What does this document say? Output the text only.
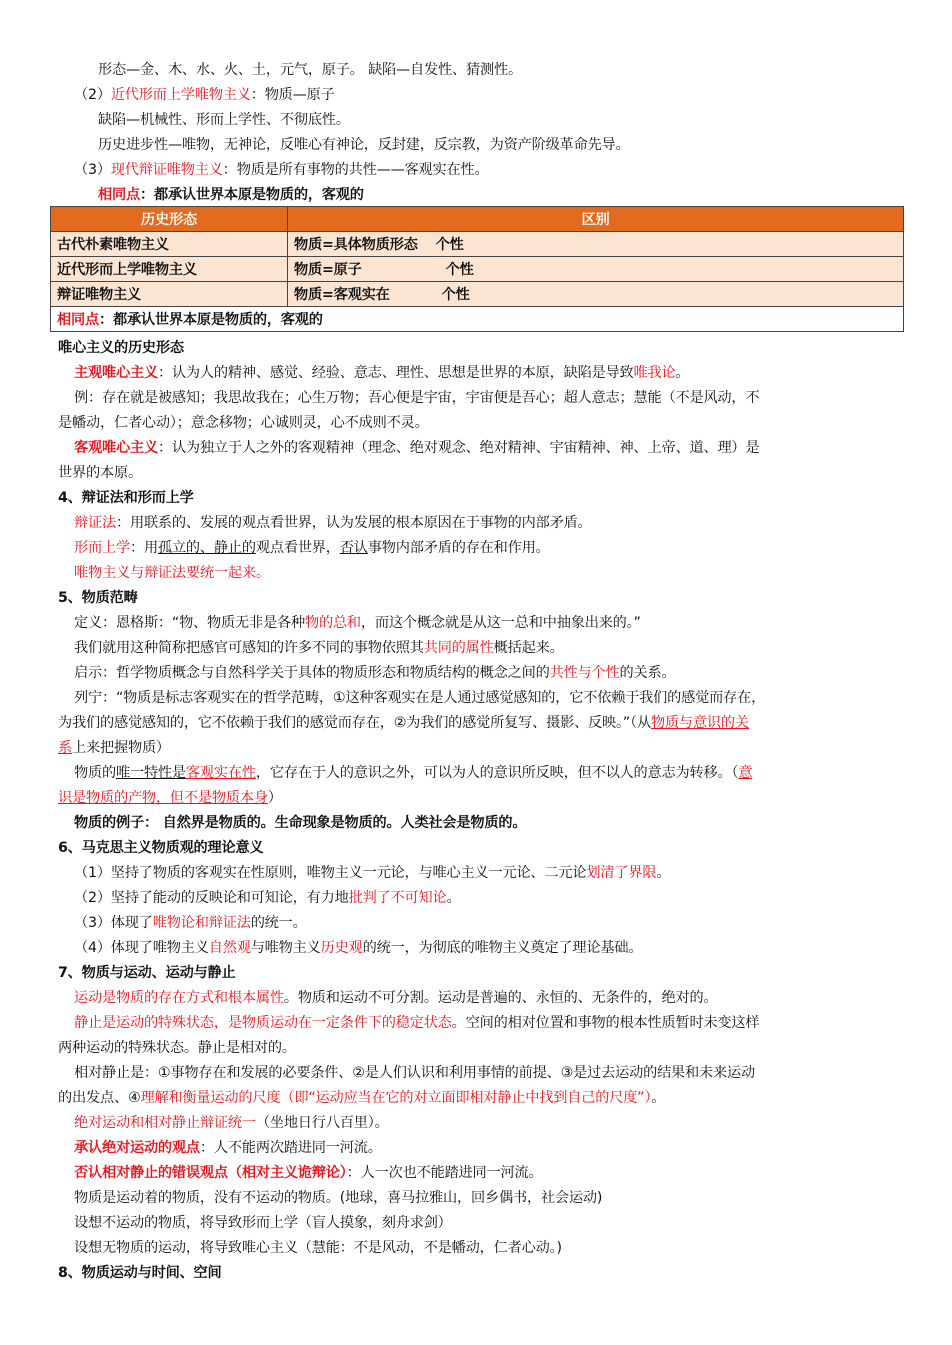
形态—金、木、水、火、土，元气，原子。 缺陷—自发性、猜测性。
（2）近代形而上学唯物主义：物质—原子
缺陷—机械性、形而上学性、不彻底性。
历史进步性—唯物，无神论，反唯心有神论，反封建，反宗教，为资产阶级革命先导。
（3）现代辩证唯物主义：物质是所有事物的共性——客观实在性。
相同点：都承认世界本原是物质的，客观的
历史形态	区别
古代朴素唯物主义	物质=具体物质形态 个性
近代形而上学唯物主义	物质=原子 个性
辩证唯物主义	物质=客观实在 个性
相同点：都承认世界本原是物质的，客观的	
唯心主义的历史形态
主观唯心主义：认为人的精神、感觉、经验、意志、理性、思想是世界的本原，缺陷是导致唯我论。
例：存在就是被感知；我思故我在；心生万物；吾心便是宇宙，宇宙便是吾心；超人意志；慧能（不是风动，不
是幡动，仁者心动）；意念移物；心诚则灵，心不成则不灵。
客观唯心主义：认为独立于人之外的客观精神（理念、绝对观念、绝对精神、宇宙精神、神、上帝、道、理）是
世界的本原。
4、辩证法和形而上学
辩证法：用联系的、发展的观点看世界，认为发展的根本原因在于事物的内部矛盾。
形而上学：用孤立的、静止的观点看世界，否认事物内部矛盾的存在和作用。
唯物主义与辩证法要统一起来。
5、物质范畴
定义：恩格斯：“物、物质无非是各种物的总和，而这个概念就是从这一总和中抽象出来的。”
我们就用这种简称把感官可感知的许多不同的事物依照其共同的属性概括起来。
启示：哲学物质概念与自然科学关于具体的物质形态和物质结构的概念之间的共性与个性的关系。
列宁：“物质是标志客观实在的哲学范畴，①这种客观实在是人通过感觉感知的，它不依赖于我们的感觉而存在，
为我们的感觉感知的，它不依赖于我们的感觉而存在，②为我们的感觉所复写、摄影、反映。”（从物质与意识的关
系上来把握物质）
物质的唯一特性是客观实在性，它存在于人的意识之外，可以为人的意识所反映，但不以人的意志为转移。（意
识是物质的产物，但不是物质本身）
物质的例子： 自然界是物质的。生命现象是物质的。人类社会是物质的。
6、马克思主义物质观的理论意义
（1）坚持了物质的客观实在性原则，唯物主义一元论，与唯心主义一元论、二元论划清了界限。
（2）坚持了能动的反映论和可知论，有力地批判了不可知论。
（3）体现了唯物论和辩证法的统一。
（4）体现了唯物主义自然观与唯物主义历史观的统一，为彻底的唯物主义奠定了理论基础。
7、物质与运动、运动与静止
运动是物质的存在方式和根本属性。物质和运动不可分割。运动是普遍的、永恒的、无条件的，绝对的。
静止是运动的特殊状态，是物质运动在一定条件下的稳定状态。空间的相对位置和事物的根本性质暂时未变这样
两种运动的特殊状态。静止是相对的。
相对静止是：①事物存在和发展的必要条件、②是人们认识和利用事情的前提、③是过去运动的结果和未来运动
的出发点、④理解和衡量运动的尺度（即“运动应当在它的对立面即相对静止中找到自己的尺度”）。
绝对运动和相对静止辩证统一（坐地日行八百里）。
承认绝对运动的观点：人不能两次踏进同一河流。
否认相对静止的错误观点（相对主义诡辩论）：人一次也不能踏进同一河流。
物质是运动着的物质，没有不运动的物质。(地球，喜马拉雅山，回乡偶书，社会运动)
设想不运动的物质，将导致形而上学（盲人摸象，刻舟求剑）
设想无物质的运动，将导致唯心主义（慧能：不是风动，不是幡动，仁者心动。)
8、物质运动与时间、空间
